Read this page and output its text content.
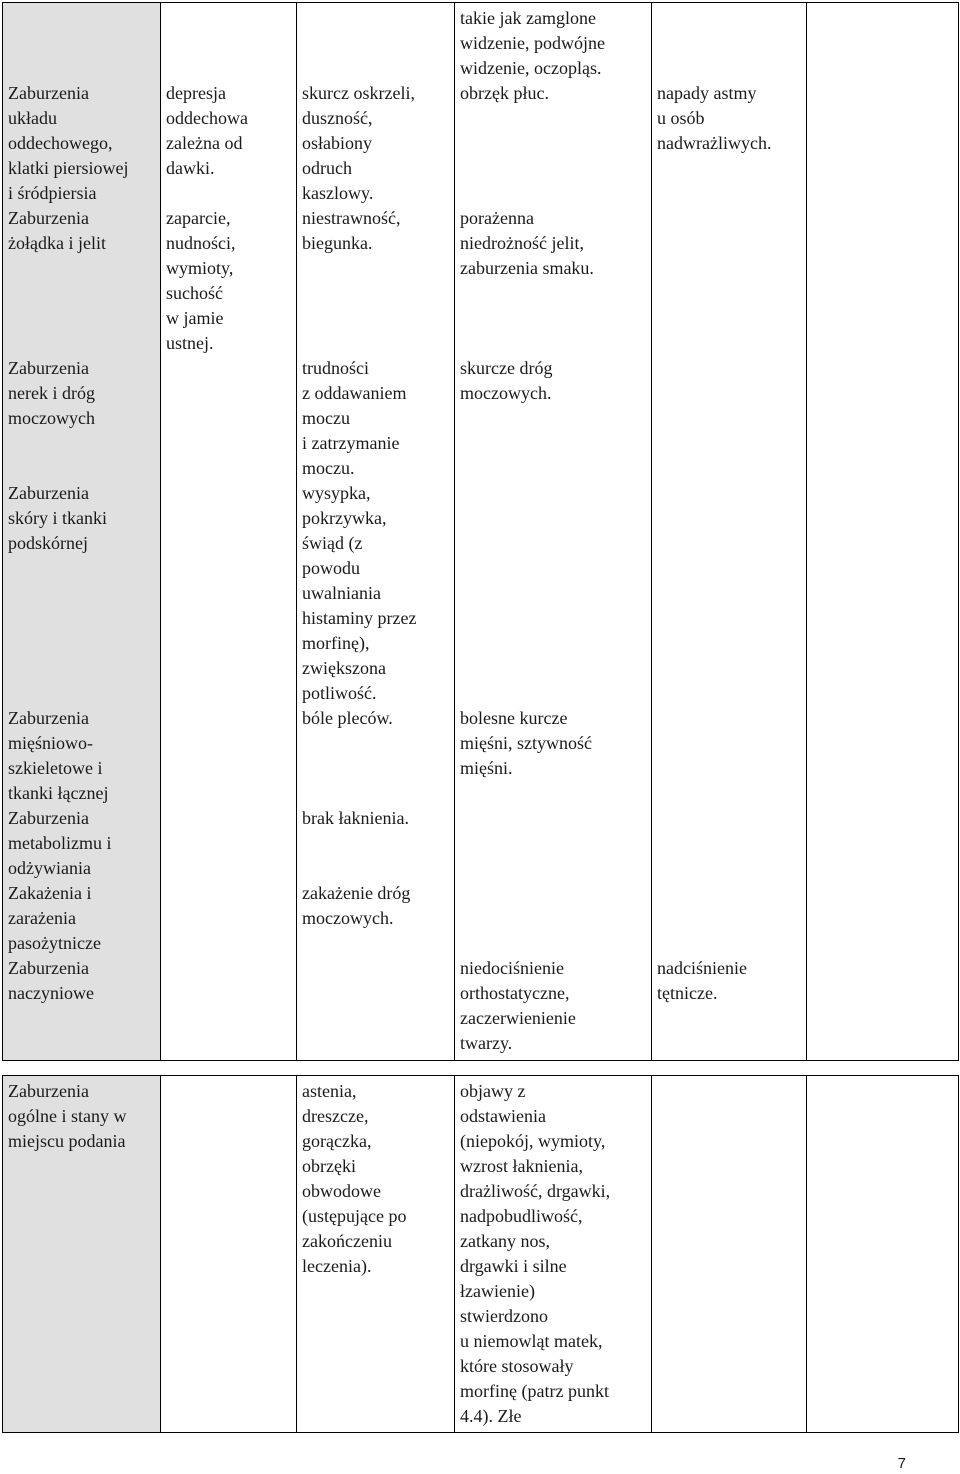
takie jak zamglone
widzenie, podwójne
widzenie, oczopląs.
Zaburzenia
układu
oddechowego,
klatki piersiowej
i śródpiersia
depresja
oddechowa
zależna od
dawki.
skurcz oskrzeli,
duszność,
osłabiony
odruch
kaszlowy.
obrzęk płuc.	napady astmy
u osób
nadwrażliwych.
Zaburzenia
żołądka i jelit
zaparcie,
nudności,
wymioty,
suchość
w jamie
ustnej.
niestrawność,
biegunka.
porażenna
niedrożność jelit,
zaburzenia smaku.
Zaburzenia
nerek i dróg
moczowych
trudności
z oddawaniem
moczu
i zatrzymanie
moczu.
skurcze dróg
moczowych.
Zaburzenia
skóry i tkanki
podskórnej
wysypka,
pokrzywka,
świąd (z
powodu
uwalniania
histaminy przez
morfinę),
zwiększona
potliwość.
Zaburzenia
mięśniowo-
szkieletowe i
tkanki łącznej
bóle pleców.	bolesne kurcze
mięśni, sztywność
mięśni.
Zaburzenia
metabolizmu i
odżywiania
brak łaknienia.
Zakażenia i
zarażenia
pasożytnicze
zakażenie dróg
moczowych.
Zaburzenia
naczyniowe
niedociśnienie
orthostatyczne,
zaczerwienienie
twarzy.
nadciśnienie
tętnicze.
Zaburzenia
ogólne i stany w
miejscu podania
astenia,
dreszcze,
gorączka,
obrzęki
obwodowe
(ustępujące po
zakończeniu
leczenia).
objawy z
odstawienia
(niepokój, wymioty,
wzrost łaknienia,
drażliwość, drgawki,
nadpobudliwość,
zatkany nos,
drgawki i silne
łzawienie)
stwierdzono
u niemowląt matek,
które stosowały
morfinę (patrz punkt
4.4). Złe
7
